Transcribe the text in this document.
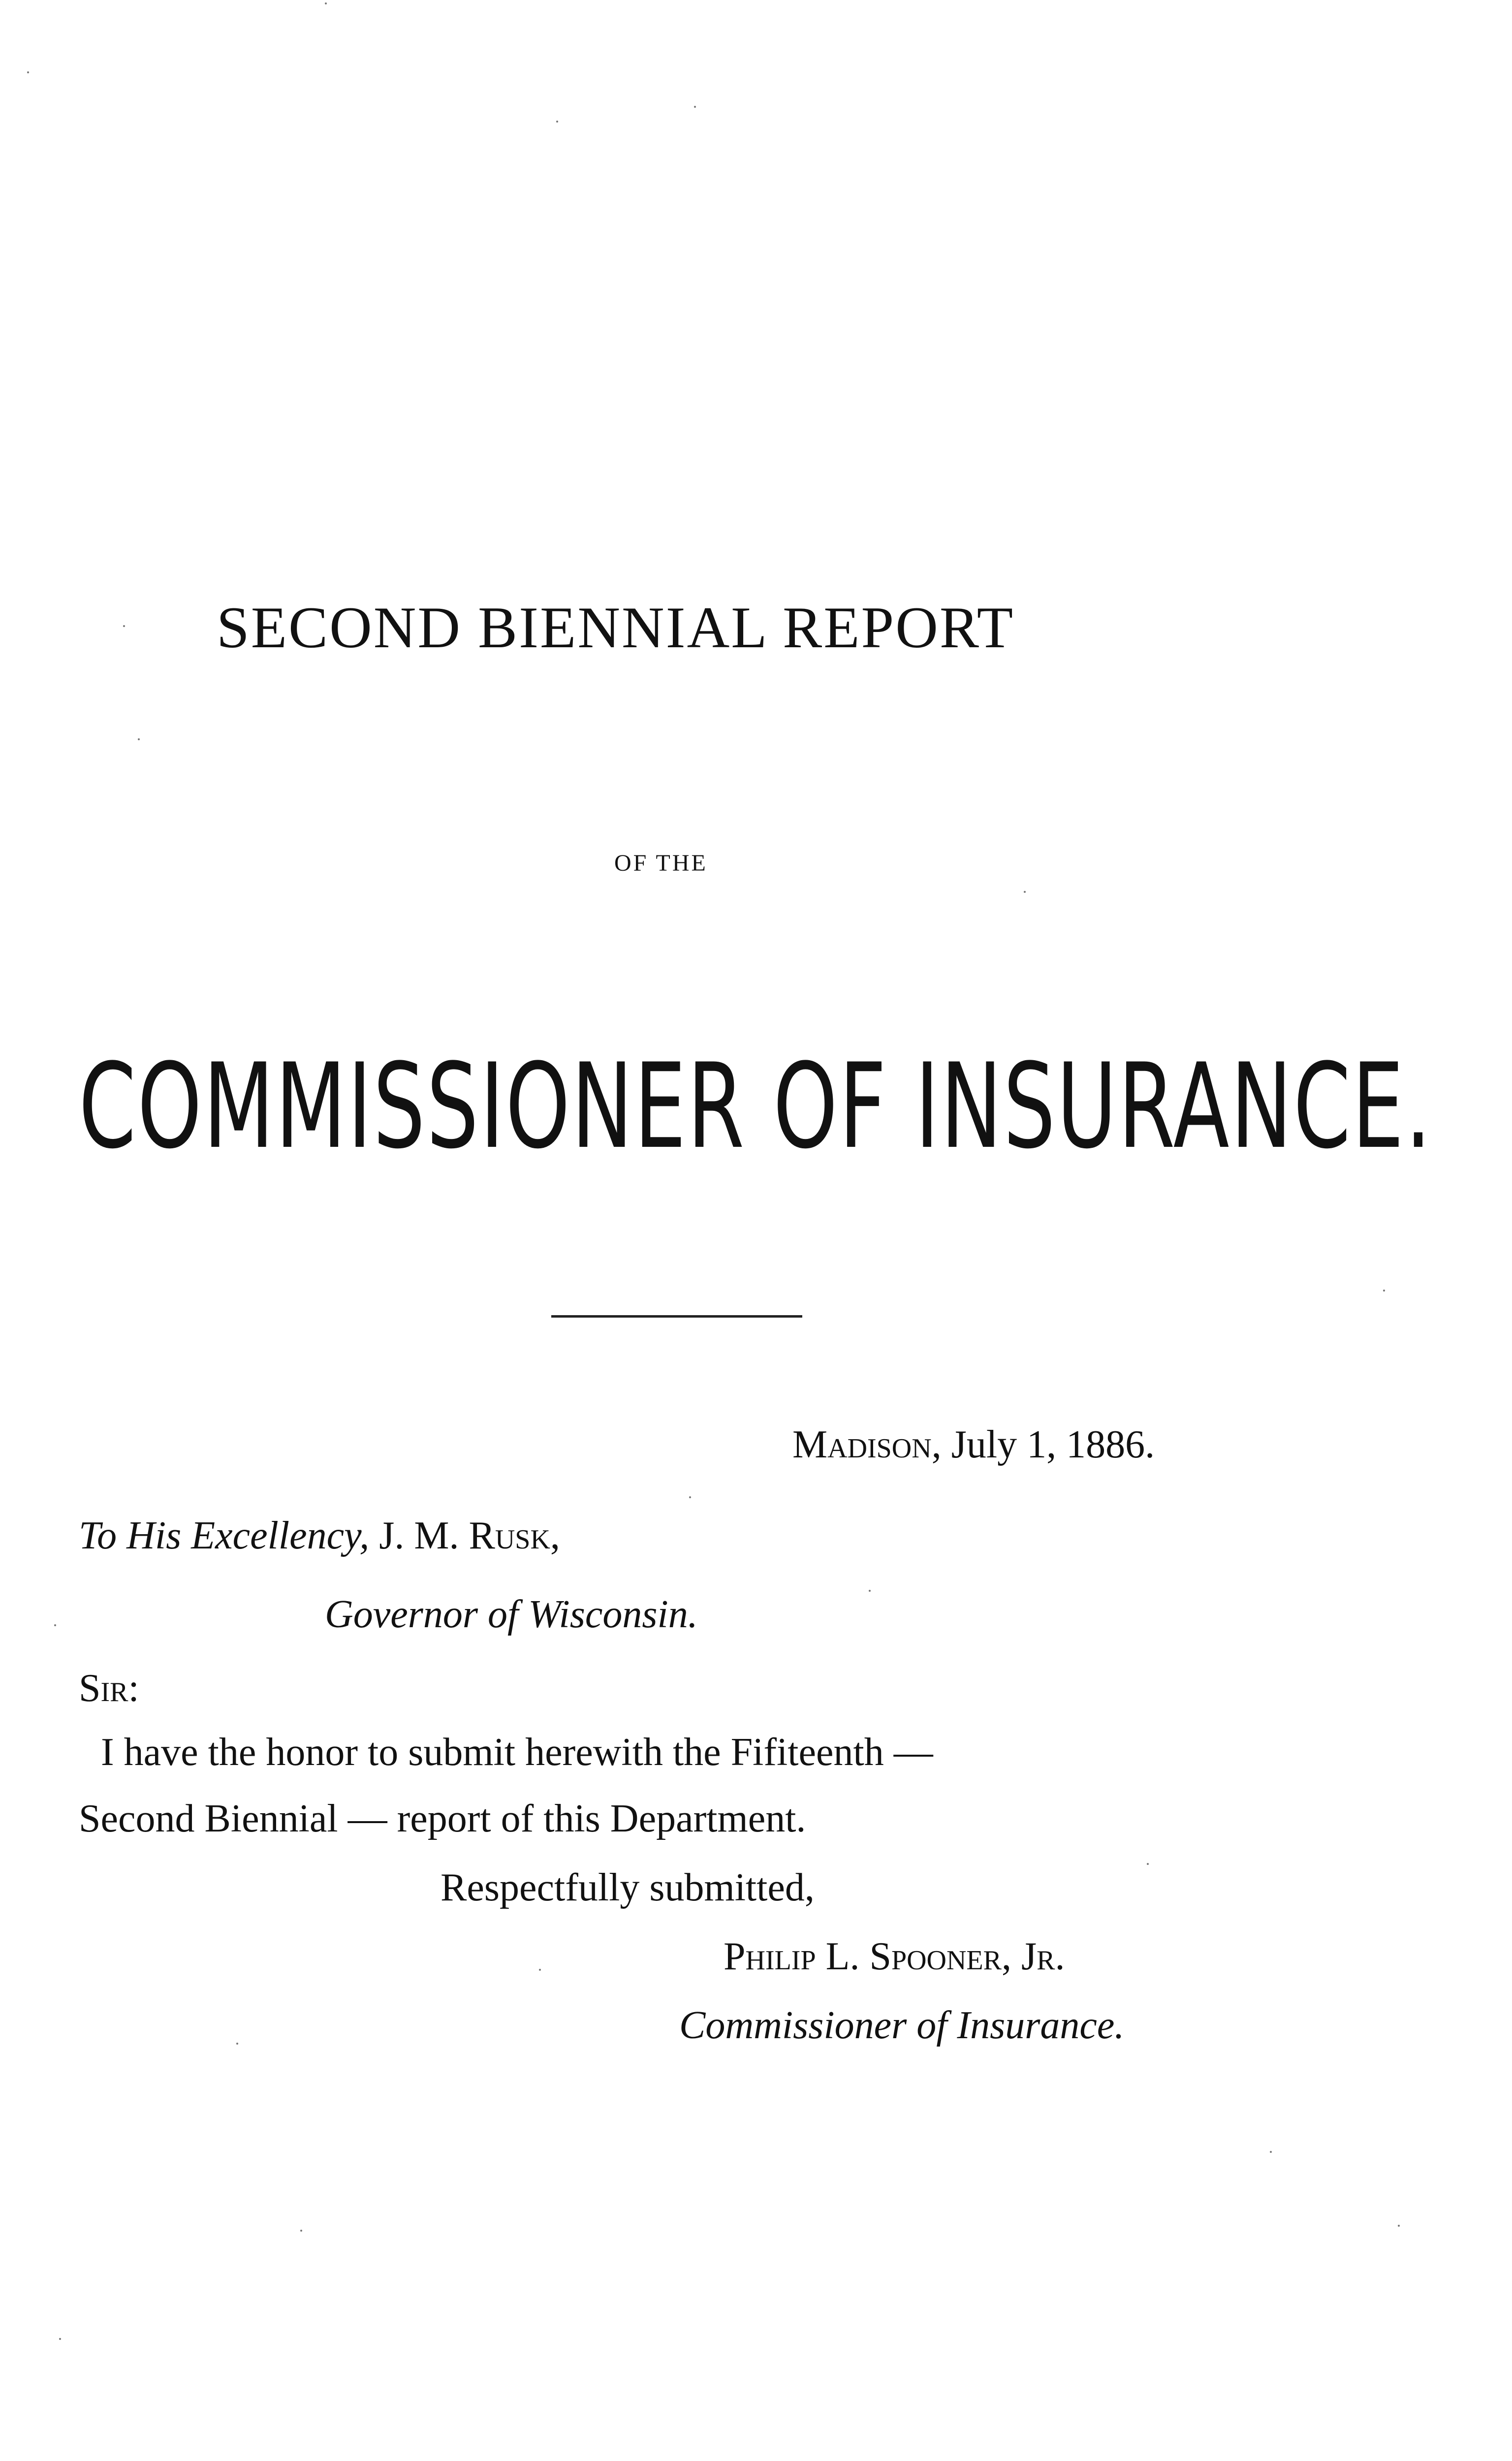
SECOND BIENNIAL REPORT
OF THE
COMMISSIONER OF INSURANCE.
Madison, July 1, 1886.
To His Excellency, J. M. Rusk,
Governor of Wisconsin.
Sir:
I have the honor to submit herewith the Fifiteenth —
Second Biennial — report of this Department.
Respectfully submitted,
Philip L. Spooner, Jr.
Commissioner of Insurance.
